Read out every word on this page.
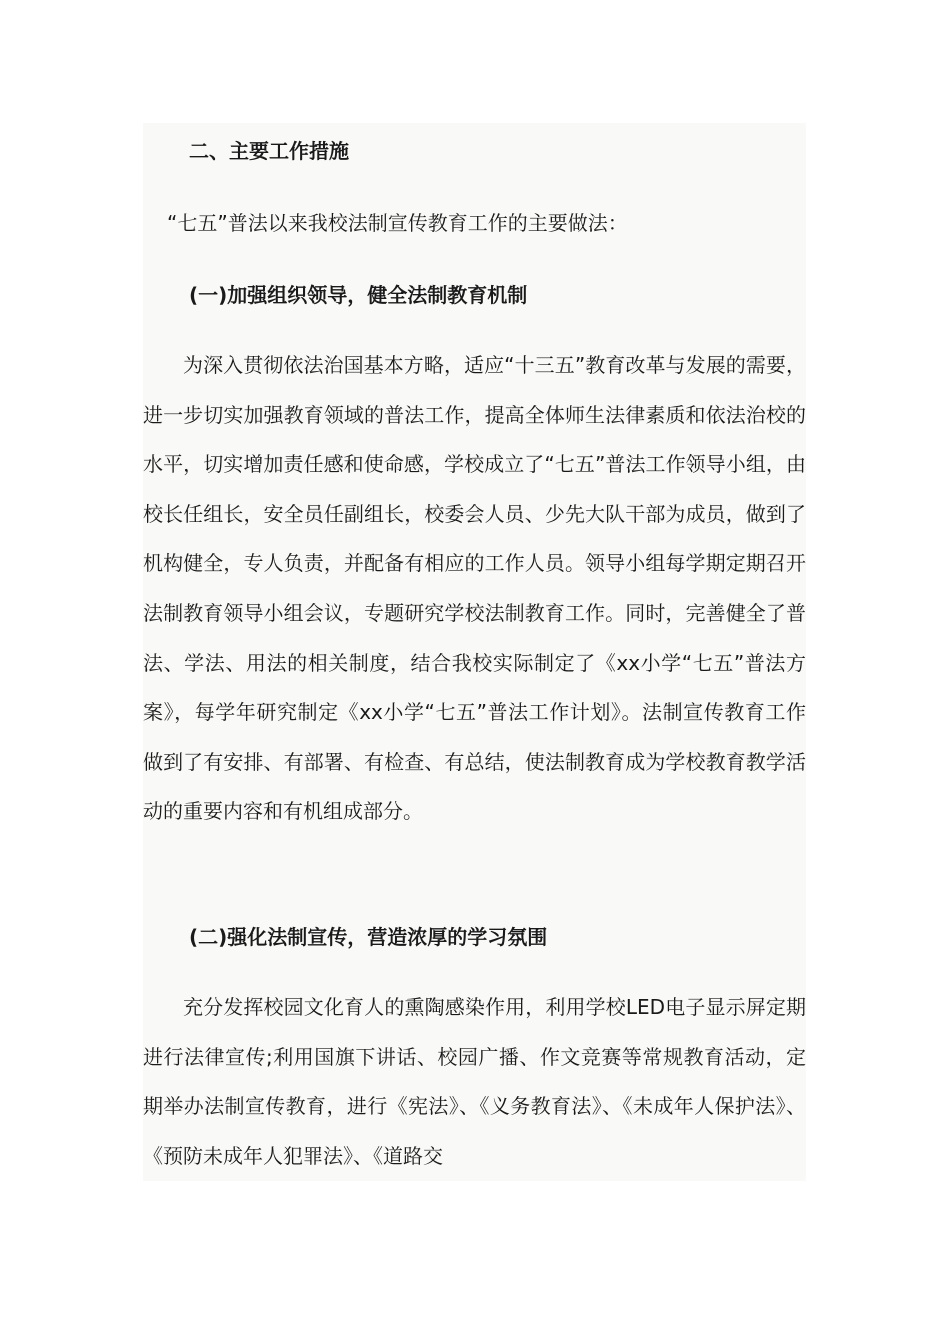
二、主要工作措施
“七五”普法以来我校法制宣传教育工作的主要做法：
(一)加强组织领导，健全法制教育机制

为深入贯彻依法治国基本方略，适应“十三五”教育改革与发展的需要，进一步切实加强教育领域的普法工作，提高全体师生法律素质和依法治校的水平，切实增加责任感和使命感，学校成立了“七五”普法工作领导小组，由校长任组长，安全员任副组长，校委会人员、少先大队干部为成员，做到了机构健全，专人负责，并配备有相应的工作人员。领导小组每学期定期召开法制教育领导小组会议，专题研究学校法制教育工作。同时，完善健全了普法、学法、用法的相关制度，结合我校实际制定了《xx小学“七五”普法方案》，每学年研究制定《xx小学“七五”普法工作计划》。法制宣传教育工作做到了有安排、有部署、有检查、有总结，使法制教育成为学校教育教学活动的重要内容和有机组成部分。

(二)强化法制宣传，营造浓厚的学习氛围

充分发挥校园文化育人的熏陶感染作用，利用学校LED电子显示屏定期进行法律宣传;利用国旗下讲话、校园广播、作文竞赛等常规教育活动，定期举办法制宣传教育，进行《宪法》、《义务教育法》、《未成年人保护法》、《预防未成年人犯罪法》、《道路交
